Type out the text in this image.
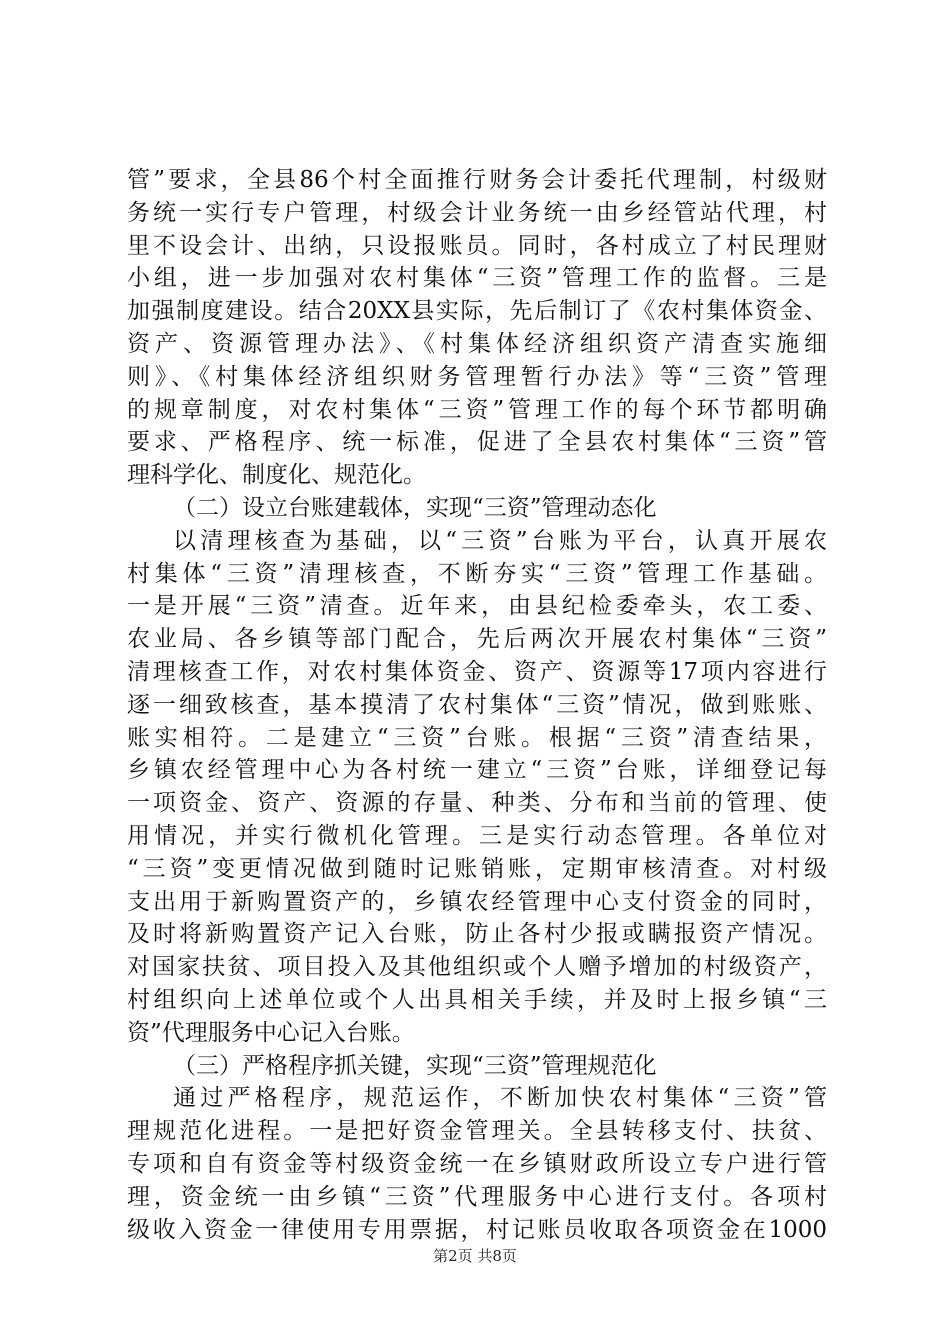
管”要求，全县86个村全面推行财务会计委托代理制，村级财
务统一实行专户管理，村级会计业务统一由乡经管站代理，村
里不设会计、出纳，只设报账员。同时，各村成立了村民理财
小组，进一步加强对农村集体“三资”管理工作的监督。三是
加强制度建设。结合20XX县实际，先后制订了《农村集体资金、
资产、资源管理办法》、《村集体经济组织资产清查实施细
则》、《村集体经济组织财务管理暂行办法》等“三资”管理
的规章制度，对农村集体“三资”管理工作的每个环节都明确
要求、严格程序、统一标准，促进了全县农村集体“三资”管
理科学化、制度化、规范化。
（二）设立台账建载体，实现“三资”管理动态化
以清理核查为基础，以“三资”台账为平台，认真开展农
村集体“三资”清理核查，不断夯实“三资”管理工作基础。
一是开展“三资”清查。近年来，由县纪检委牵头，农工委、
农业局、各乡镇等部门配合，先后两次开展农村集体“三资”
清理核查工作，对农村集体资金、资产、资源等17项内容进行
逐一细致核查，基本摸清了农村集体“三资”情况，做到账账、
账实相符。二是建立“三资”台账。根据“三资”清查结果，
乡镇农经管理中心为各村统一建立“三资”台账，详细登记每
一项资金、资产、资源的存量、种类、分布和当前的管理、使
用情况，并实行微机化管理。三是实行动态管理。各单位对
“三资”变更情况做到随时记账销账，定期审核清查。对村级
支出用于新购置资产的，乡镇农经管理中心支付资金的同时，
及时将新购置资产记入台账，防止各村少报或瞒报资产情况。
对国家扶贫、项目投入及其他组织或个人赠予增加的村级资产，
村组织向上述单位或个人出具相关手续，并及时上报乡镇“三
资”代理服务中心记入台账。
（三）严格程序抓关键，实现“三资”管理规范化
通过严格程序，规范运作，不断加快农村集体“三资”管
理规范化进程。一是把好资金管理关。全县转移支付、扶贫、
专项和自有资金等村级资金统一在乡镇财政所设立专户进行管
理，资金统一由乡镇“三资”代理服务中心进行支付。各项村
级收入资金一律使用专用票据，村记账员收取各项资金在1000
第2页 共8页
